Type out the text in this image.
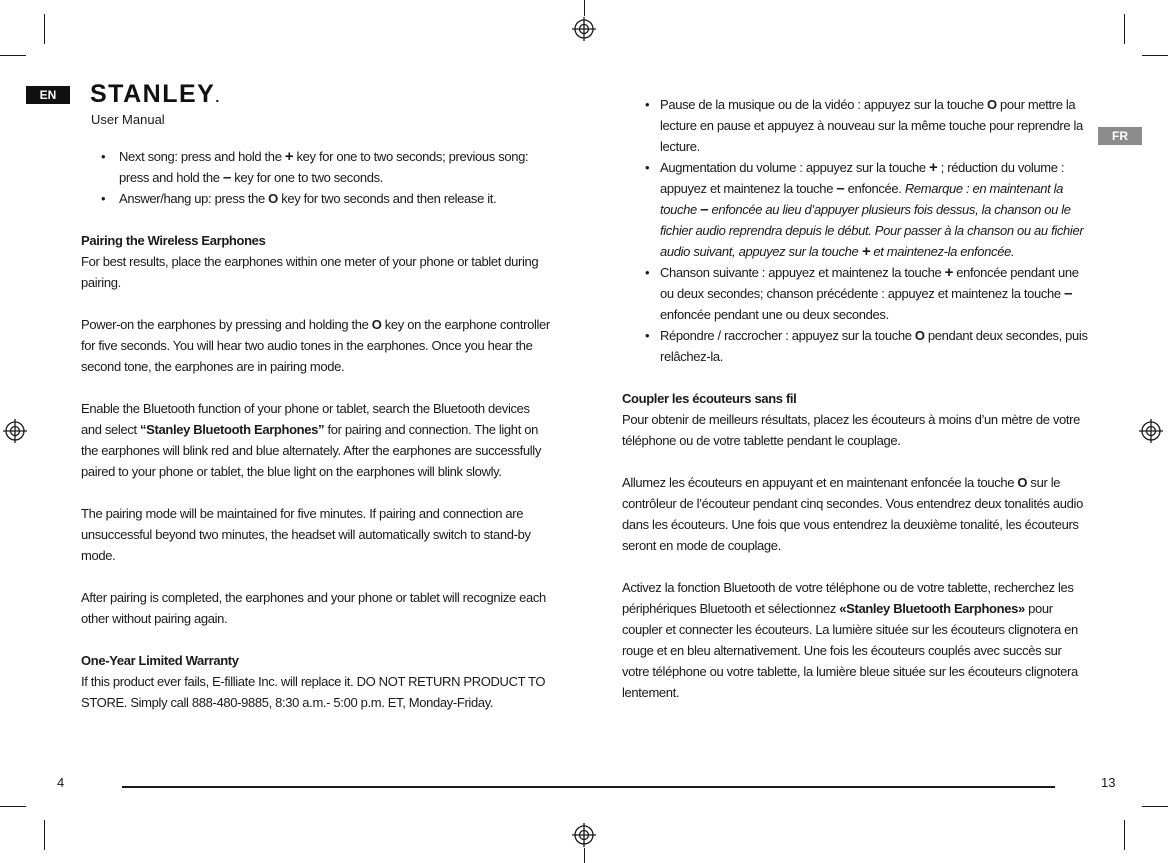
EN	STANLEY.
User Manual
• Next song: press and hold the + key for one to two seconds; previous song: press and hold the – key for one to two seconds.
• Answer/hang up: press the O key for two seconds and then release it.
Pairing the Wireless Earphones

For best results, place the earphones within one meter of your phone or tablet during pairing.

Power-on the earphones by pressing and holding the O key on the earphone controller for five seconds. You will hear two audio tones in the earphones. Once you hear the second tone, the earphones are in pairing mode.

Enable the Bluetooth function of your phone or tablet, search the Bluetooth devices and select “Stanley Bluetooth Earphones” for pairing and connection. The light on the earphones will blink red and blue alternately. After the earphones are successfully paired to your phone or tablet, the blue light on the earphones will blink slowly.

The pairing mode will be maintained for five minutes. If pairing and connection are unsuccessful beyond two minutes, the headset will automatically switch to stand-by mode.

After pairing is completed, the earphones and your phone or tablet will recognize each other without pairing again.

One-Year Limited Warranty

If this product ever fails, E-filliate Inc. will replace it. DO NOT RETURN PRODUCT TO STORE. Simply call 888-480-9885, 8:30 a.m.- 5:00 p.m. ET, Monday-Friday.

4
FR
• Pause de la musique ou de la vidéo : appuyez sur la touche O pour mettre la lecture en pause et appuyez à nouveau sur la même touche pour reprendre la lecture.
• Augmentation du volume : appuyez sur la touche + ; réduction du volume : appuyez et maintenez la touche – enfoncée. Remarque : en maintenant la touche – enfoncée au lieu d’appuyer plusieurs fois dessus, la chanson ou le fichier audio reprendra depuis le début. Pour passer à la chanson ou au fichier audio suivant, appuyez sur la touche + et maintenez-la enfoncée.
• Chanson suivante : appuyez et maintenez la touche + enfoncée pendant une ou deux secondes; chanson précédente : appuyez et maintenez la touche – enfoncée pendant une ou deux secondes.
• Répondre / raccrocher : appuyez sur la touche O pendant deux secondes, puis relâchez-la.
Coupler les écouteurs sans fil

Pour obtenir de meilleurs résultats, placez les écouteurs à moins d’un mètre de votre téléphone ou de votre tablette pendant le couplage.

Allumez les écouteurs en appuyant et en maintenant enfoncée la touche O sur le contrôleur de l’écouteur pendant cinq secondes. Vous entendrez deux tonalités audio dans les écouteurs. Une fois que vous entendrez la deuxième tonalité, les écouteurs seront en mode de couplage.

Activez la fonction Bluetooth de votre téléphone ou de votre tablette, recherchez les périphériques Bluetooth et sélectionnez «Stanley Bluetooth Earphones» pour coupler et connecter les écouteurs. La lumière située sur les écouteurs clignotera en rouge et en bleu alternativement. Une fois les écouteurs couplés avec succès sur votre téléphone ou votre tablette, la lumière bleue située sur les écouteurs clignotera lentement.

13
